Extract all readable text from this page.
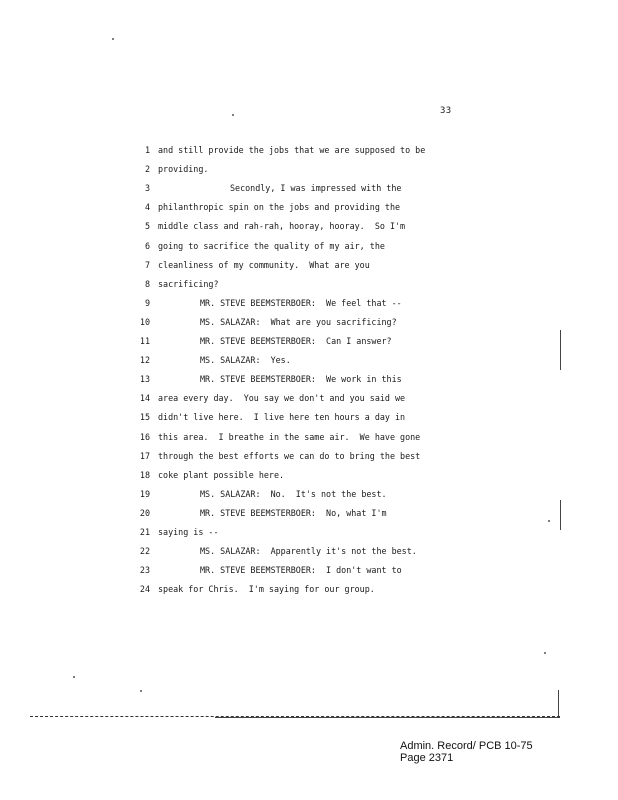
33
1 and still provide the jobs that we are supposed to be
2 providing.
3	Secondly, I was impressed with the
4 philanthropic spin on the jobs and providing the
5 middle class and rah-rah, hooray, hooray.  So I'm
6 going to sacrifice the quality of my air, the
7 cleanliness of my community.  What are you
8 sacrificing?
9	MR. STEVE BEEMSTERBOER:  We feel that --
10	MS. SALAZAR:  What are you sacrificing?
11	MR. STEVE BEEMSTERBOER:  Can I answer?
12	MS. SALAZAR:  Yes.
13	MR. STEVE BEEMSTERBOER:  We work in this
14 area every day.  You say we don't and you said we
15 didn't live here.  I live here ten hours a day in
16 this area.  I breathe in the same air.  We have gone
17 through the best efforts we can do to bring the best
18 coke plant possible here.
19	MS. SALAZAR:  No.  It's not the best.
20	MR. STEVE BEEMSTERBOER:  No, what I'm
21 saying is --
22	MS. SALAZAR:  Apparently it's not the best.
23	MR. STEVE BEEMSTERBOER:  I don't want to
24 speak for Chris.  I'm saying for our group.
Admin. Record/ PCB 10-75
Page 2371
